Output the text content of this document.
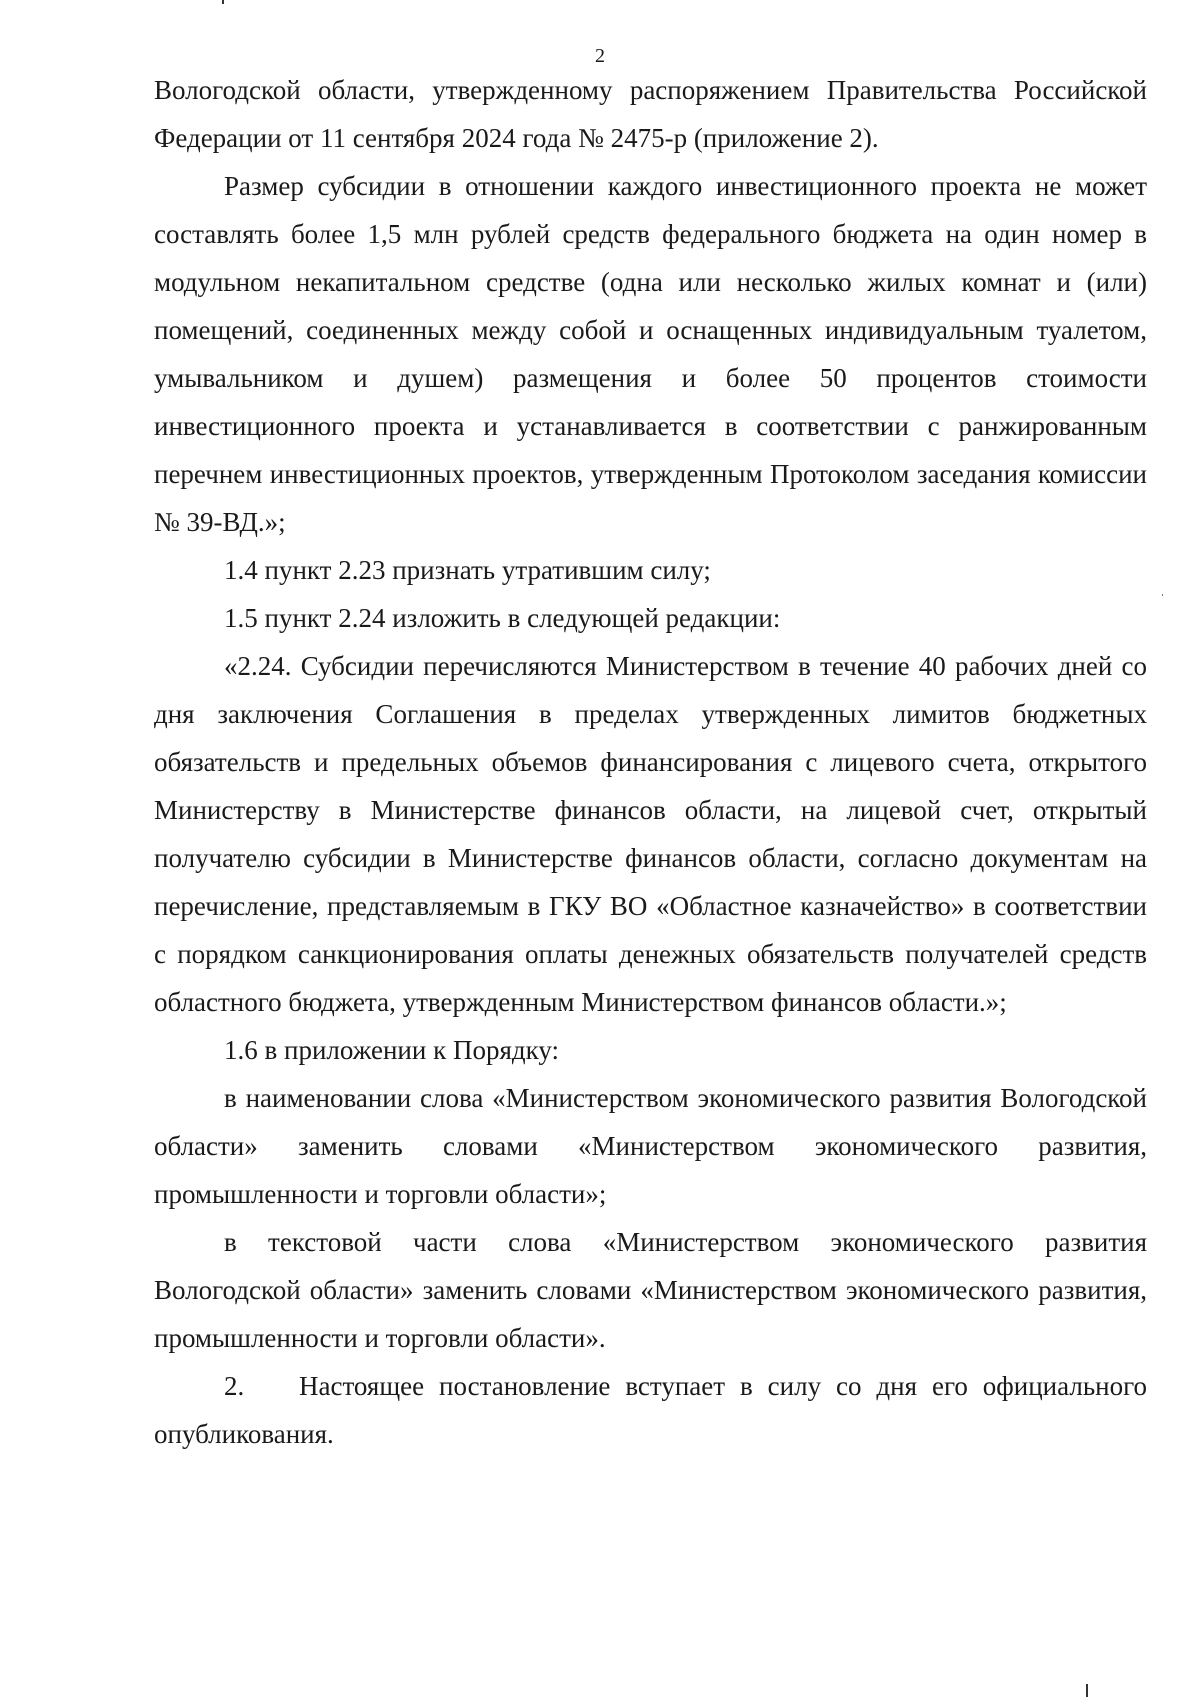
2

Вологодской области, утвержденному распоряжением Правительства Российской Федерации от 11 сентября 2024 года № 2475-р (приложение 2).

Размер субсидии в отношении каждого инвестиционного проекта не может составлять более 1,5 млн рублей средств федерального бюджета на один номер в модульном некапитальном средстве (одна или несколько жилых комнат и (или) помещений, соединенных между собой и оснащенных индивидуальным туалетом, умывальником и душем) размещения и более 50 процентов стоимости инвестиционного проекта и устанавливается в соответствии с ранжированным перечнем инвестиционных проектов, утвержденным Протоколом заседания комиссии № 39-ВД.»;

1.4 пункт 2.23 признать утратившим силу;

1.5 пункт 2.24 изложить в следующей редакции:

«2.24. Субсидии перечисляются Министерством в течение 40 рабочих дней со дня заключения Соглашения в пределах утвержденных лимитов бюджетных обязательств и предельных объемов финансирования с лицевого счета, открытого Министерству в Министерстве финансов области, на лицевой счет, открытый получателю субсидии в Министерстве финансов области, согласно документам на перечисление, представляемым в ГКУ ВО «Областное казначейство» в соответствии с порядком санкционирования оплаты денежных обязательств получателей средств областного бюджета, утвержденным Министерством финансов области.»;

1.6 в приложении к Порядку:

в наименовании слова «Министерством экономического развития Вологодской области» заменить словами «Министерством экономического развития, промышленности и торговли области»;

в текстовой части слова «Министерством экономического развития Вологодской области» заменить словами «Министерством экономического развития, промышленности и торговли области».

2. Настоящее постановление вступает в силу со дня его официального опубликования.
